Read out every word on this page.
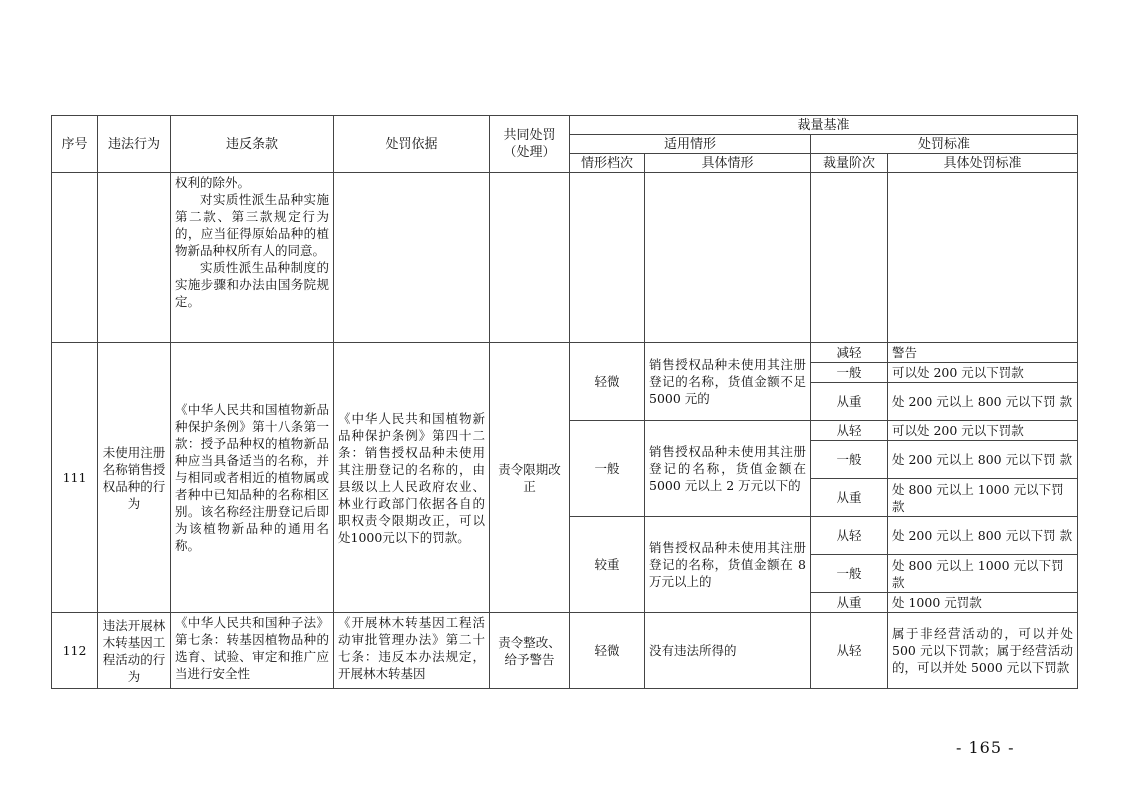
序号	违法行为	违反条款	处罚依据	共同处罚（处理）	裁量基准			
					适用情形		处罚标准	
					情形档次	具体情形	裁量阶次	具体处罚标准

		权利的除外。
对实质性派生品种实施第二款、第三款规定行为的，应当征得原始品种的植物新品种权所有人的同意。
实质性派生品种制度的实施步骤和办法由国务院规定。						

111	未使用注册名称销售授权品种的行为	《中华人民共和国植物新品种保护条例》第十八条第一款：授予品种权的植物新品种应当具备适当的名称，并与相同或者相近的植物属或者种中已知品种的名称相区别。该名称经注册登记后即为该植物新品种的通用名称。	《中华人民共和国植物新品种保护条例》第四十二条：销售授权品种未使用其注册登记的名称的，由县级以上人民政府农业、林业行政部门依据各自的职权责令限期改正，可以处1000元以下的罚款。	责令限期改正	轻微	销售授权品种未使用其注册登记的名称，货值金额不足 5000 元的	减轻	警告
							一般	可以处 200 元以下罚款
							从重	处 200 元以上 800 元以下罚 款
					一般	销售授权品种未使用其注册登记的名称，货值金额在 5000 元以上 2 万元以下的	从轻	可以处 200 元以下罚款
							一般	处 200 元以上 800 元以下罚 款
							从重	处 800 元以上 1000 元以下罚 款
					较重	销售授权品种未使用其注册登记的名称，货值金额在 8 万元以上的	从轻	处 200 元以上 800 元以下罚 款
							一般	处 800 元以上 1000 元以下罚 款
							从重	处 1000 元罚款
112	违法开展林木转基因工程活动的行为	《中华人民共和国种子法》第七条：转基因植物品种的选育、试验、审定和推广应当进行安全性	《开展林木转基因工程活动审批管理办法》第二十七条：违反本办法规定，开展林木转基因	责令整改、给予警告	轻微	没有违法所得的	从轻	属于非经营活动的，可以并处 500 元以下罚款；属于经营活动的，可以并处 5000 元以下罚款
- 165 -
